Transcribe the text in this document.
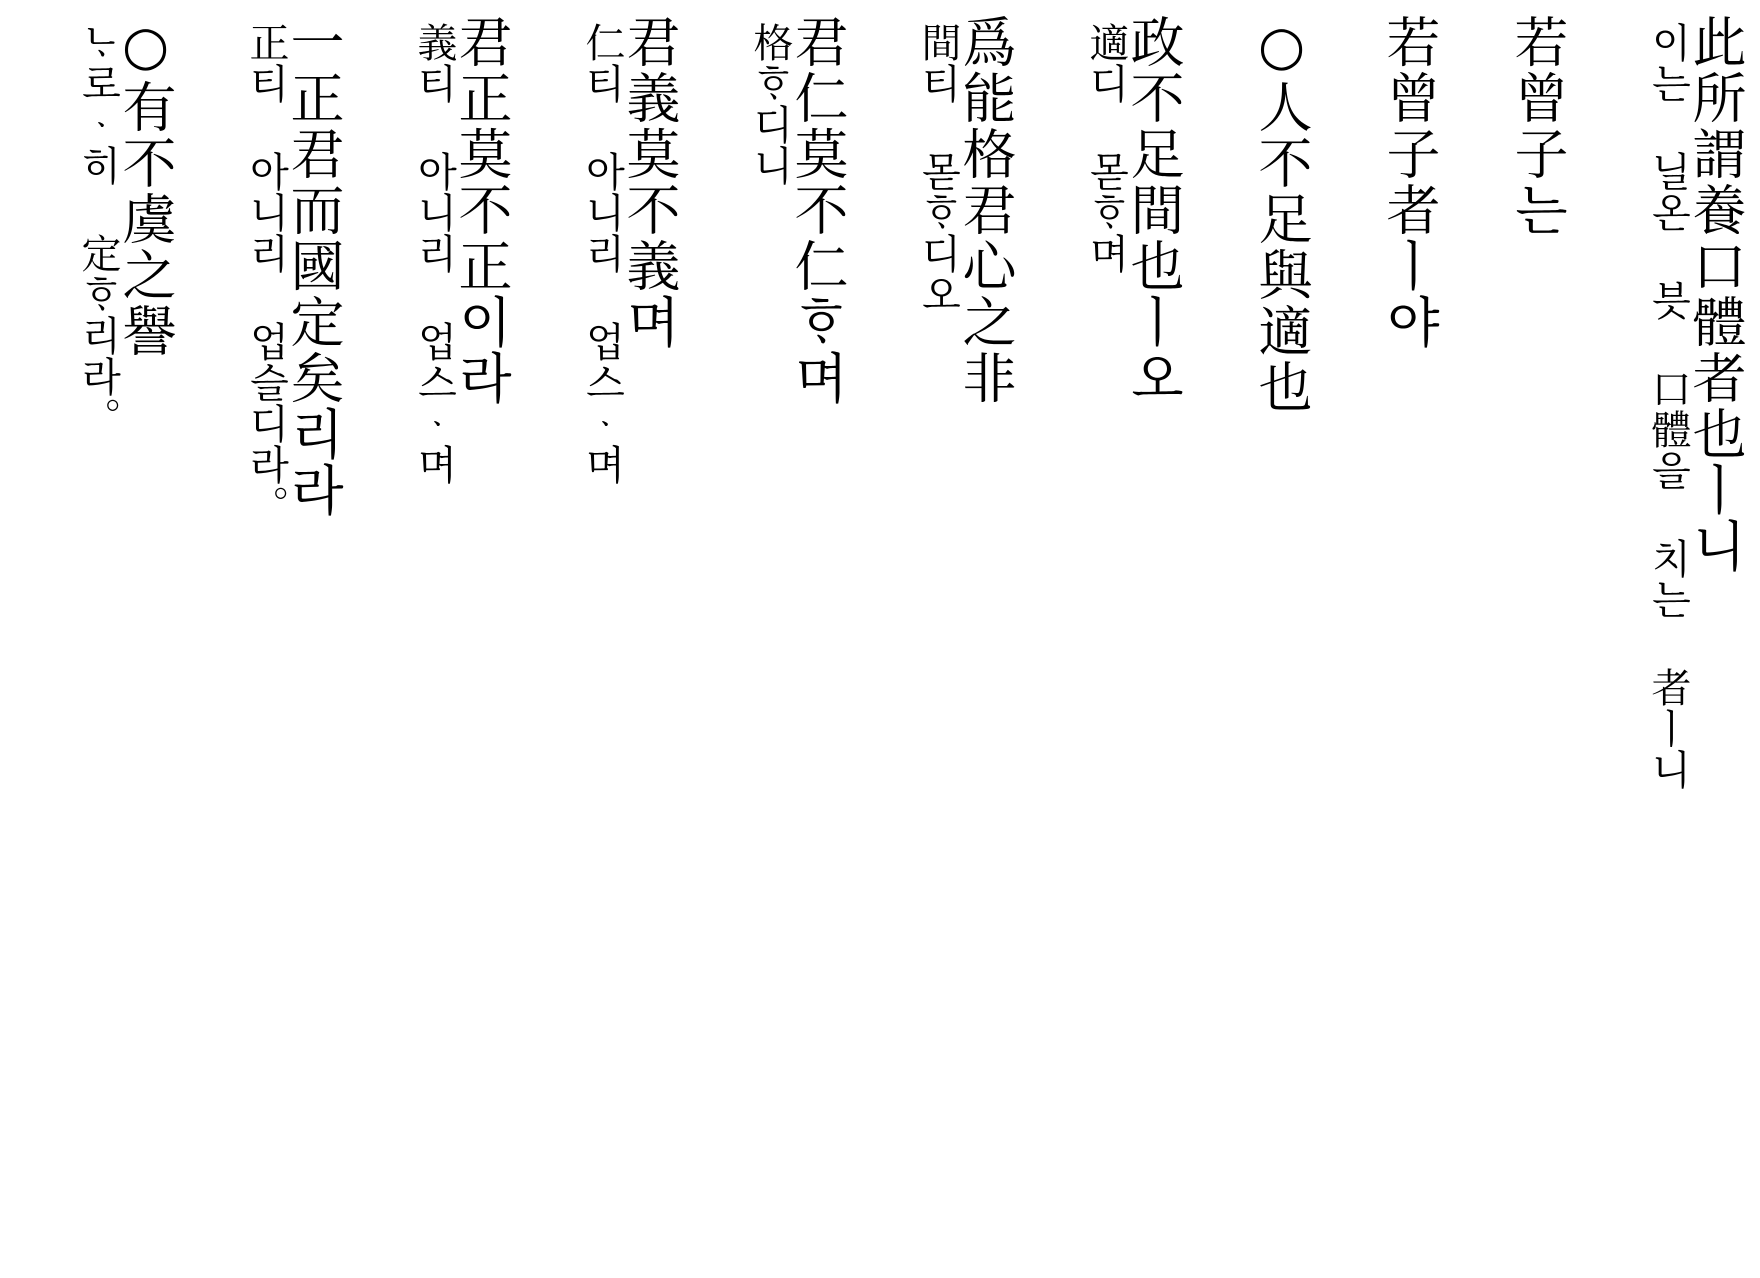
此所謂養口體者也ㅣ니
이는 닐온 븟 口體을 치는 者ㅣ니
若曾子는
若曾子者ㅣ야
○人不足與適也
政不足間也ㅣ오
適디 몯ᄒᆞ며
爲能格君心之非
間티 몯ᄒᆞ디오
君仁莫不仁ᄒᆞ며
格ᄒᆞ디니
君義莫不義며
仁티 아니리 업스ᆞ며
君正莫不正이라
義티 아니리 업스ᆞ며
一正君而國定矣리라
正티 아니리 업슬디라。
○有不虞之譽
ᄂᆞ로ᆞ히 定ᄒᆞ리라。
